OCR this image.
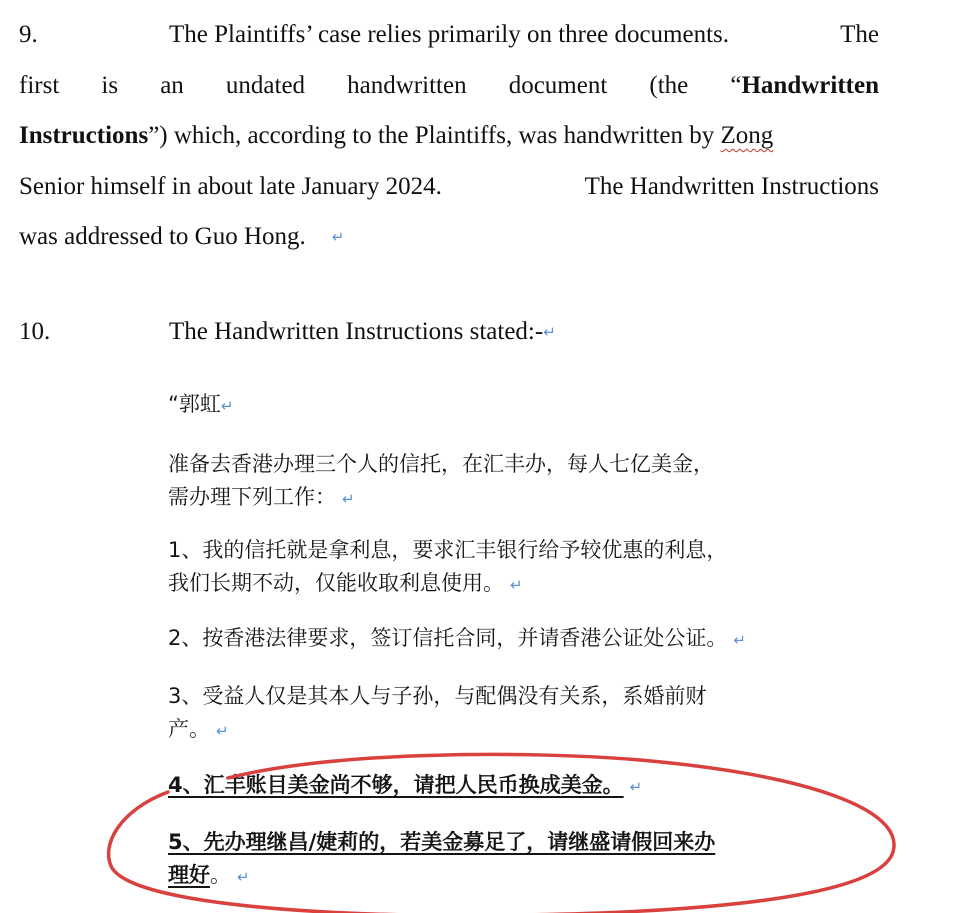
9.	The Plaintiffs’ case relies primarily on three documents.	The
first is an undated handwritten document (the “Handwritten
Instructions ”) which, according to the Plaintiffs, was handwritten by Zong
Senior himself in about late January 2024.	The Handwritten Instructions
was addressed to Guo Hong. ↵
10.	The Handwritten Instructions stated:- ↵
“郭虹↵
准备去香港办理三个人的信托，在汇丰办，每人七亿美金，
需办理下列工作： ↵
1、我的信托就是拿利息，要求汇丰银行给予较优惠的利息，
我们长期不动，仅能收取利息使用。 ↵
2、按香港法律要求，签订信托合同，并请香港公证处公证。 ↵
3、受益人仅是其本人与子孙，与配偶没有关系，系婚前财
产。 ↵
4、汇丰账目美金尚不够，请把人民币换成美金。 ↵
5、先办理继昌/婕莉的，若美金募足了，请继盛请假回来办
理好。 ↵
